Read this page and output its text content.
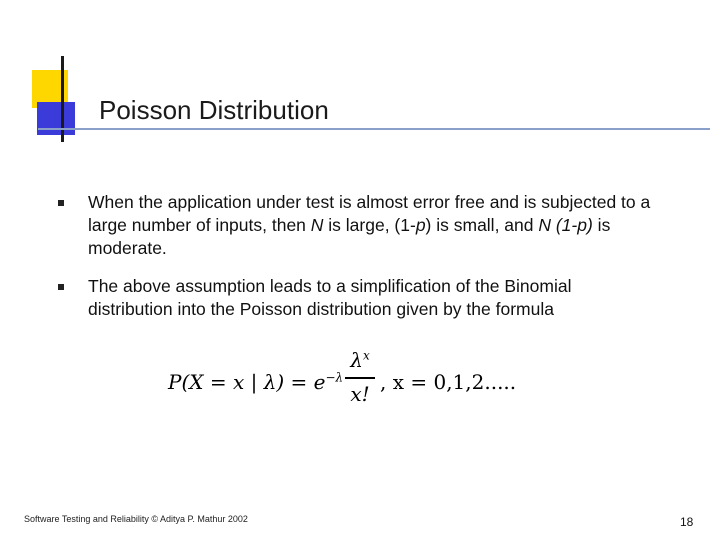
Poisson Distribution
When the application under test is almost error free and is subjected to a large number of inputs, then N is large, (1-p) is small, and N (1-p) is moderate.
The above assumption leads to a simplification of the Binomial distribution into the Poisson distribution given by the formula
P(X = x | $\lambda) = e^{-\lambda}$
$\lambda^x$
x! , x = 0,1,2.....
Software Testing and Reliability © Aditya P. Mathur 2002	18
